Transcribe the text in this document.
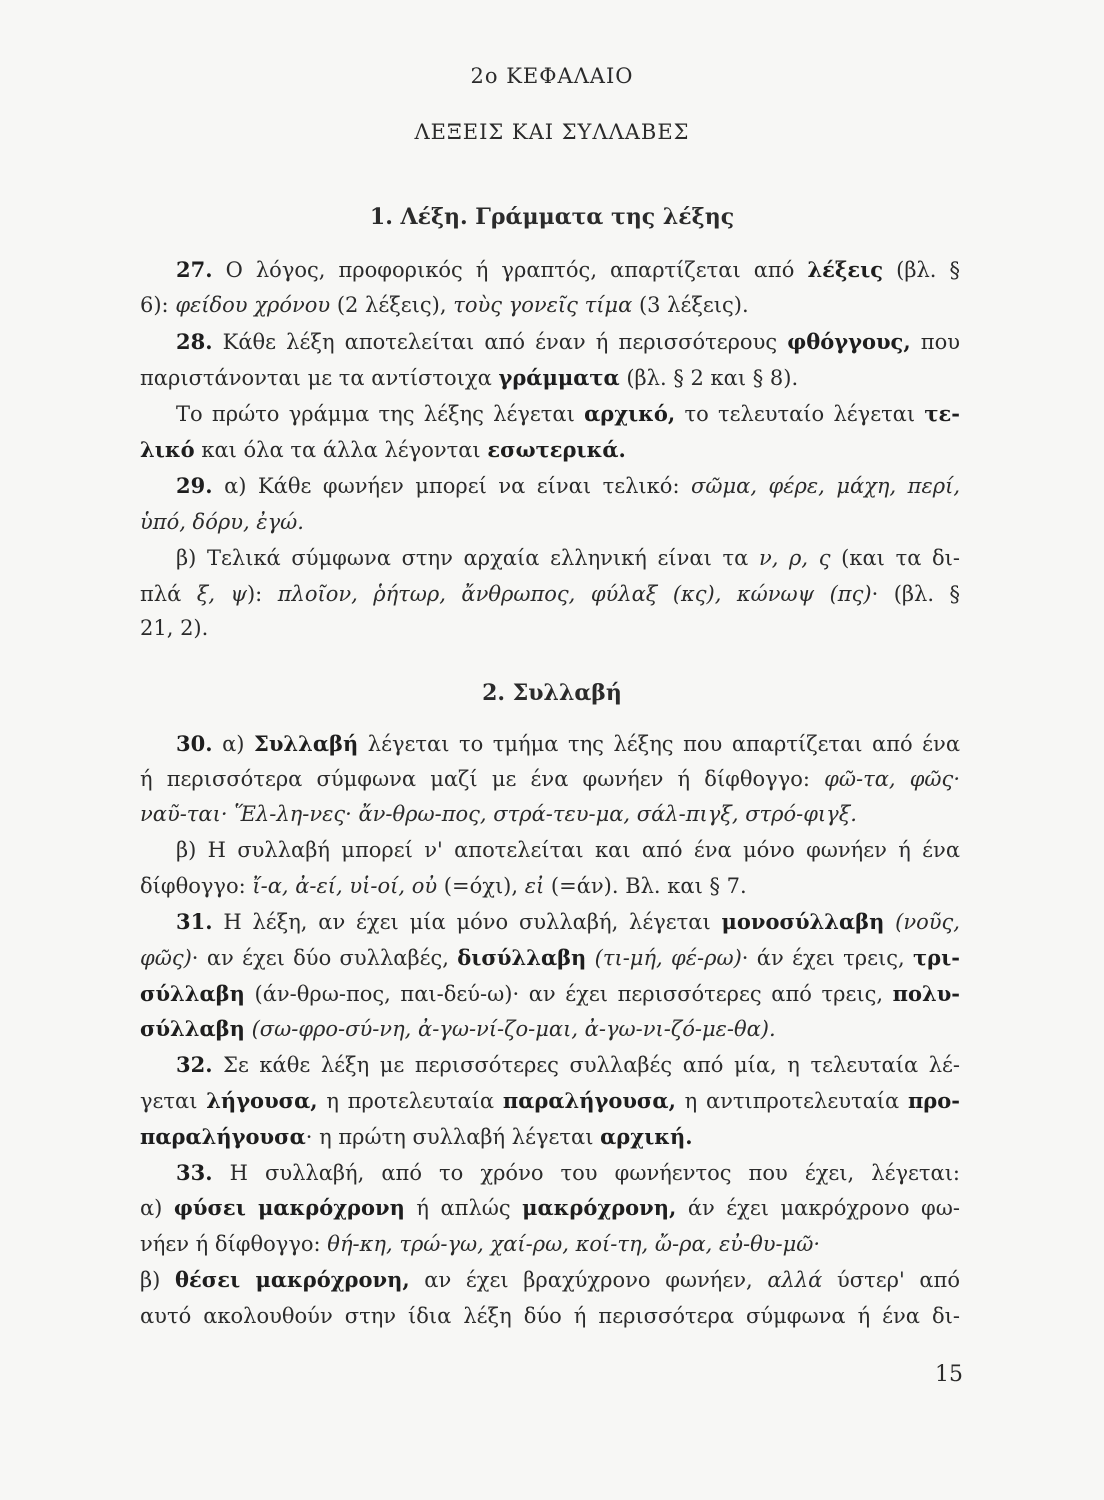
2ο ΚΕΦΑΛΑΙΟ
ΛΕΞΕΙΣ ΚΑΙ ΣΥΛΛΑΒΕΣ
1. Λέξη. Γράμματα της λέξης
27. Ο λόγος, προφορικός ή γραπτός, απαρτίζεται από λέξεις (βλ. §
6): φείδου χρόνου (2 λέξεις), τοὺς γονεῖς τίμα (3 λέξεις).
28. Κάθε λέξη αποτελείται από έναν ή περισσότερους φθόγγους, που
παριστάνονται με τα αντίστοιχα γράμματα (βλ. § 2 και § 8).
Το πρώτο γράμμα της λέξης λέγεται αρχικό, το τελευταίο λέγεται τε-
λικό και όλα τα άλλα λέγονται εσωτερικά.
29. α) Κάθε φωνήεν μπορεί να είναι τελικό: σῶμα, φέρε, μάχη, περί,
ὑπό, δόρυ, ἐγώ.
β) Τελικά σύμφωνα στην αρχαία ελληνική είναι τα ν, ρ, ς (και τα δι-
πλά ξ, ψ): πλοῖον, ῥήτωρ, ἄνθρωπος, φύλαξ (κς), κώνωψ (πς)· (βλ. §
21, 2).
2. Συλλαβή
30. α) Συλλαβή λέγεται το τμήμα της λέξης που απαρτίζεται από ένα
ή περισσότερα σύμφωνα μαζί με ένα φωνήεν ή δίφθογγο: φῶ-τα, φῶς·
ναῦ-ται· Ἕλ-λη-νες· ἄν-θρω-πος, στρά-τευ-μα, σάλ-πιγξ, στρό-φιγξ.
β) Η συλλαβή μπορεί ν' αποτελείται και από ένα μόνο φωνήεν ή ένα
δίφθογγο: ἴ-α, ἀ-εί, υἱ-οί, οὐ (=όχι), εἰ (=άν). Βλ. και § 7.
31. Η λέξη, αν έχει μία μόνο συλλαβή, λέγεται μονοσύλλαβη (νοῦς,
φῶς)· αν έχει δύο συλλαβές, δισύλλαβη (τι-μή, φέ-ρω)· άν έχει τρεις, τρι-
σύλλαβη (άν-θρω-πος, παι-δεύ-ω)· αν έχει περισσότερες από τρεις, πολυ-
σύλλαβη (σω-φρο-σύ-νη, ἀ-γω-νί-ζο-μαι, ἀ-γω-νι-ζό-με-θα).
32. Σε κάθε λέξη με περισσότερες συλλαβές από μία, η τελευταία λέ-
γεται λήγουσα, η προτελευταία παραλήγουσα, η αντιπροτελευταία προ-
παραλήγουσα· η πρώτη συλλαβή λέγεται αρχική.
33. Η συλλαβή, από το χρόνο του φωνήεντος που έχει, λέγεται:
α) φύσει μακρόχρονη ή απλώς μακρόχρονη, άν έχει μακρόχρονο φω-
νήεν ή δίφθογγο: θή-κη, τρώ-γω, χαί-ρω, κοί-τη, ὤ-ρα, εὐ-θυ-μῶ·
β) θέσει μακρόχρονη, αν έχει βραχύχρονο φωνήεν, αλλά ύστερ' από
αυτό ακολουθούν στην ίδια λέξη δύο ή περισσότερα σύμφωνα ή ένα δι-
15
